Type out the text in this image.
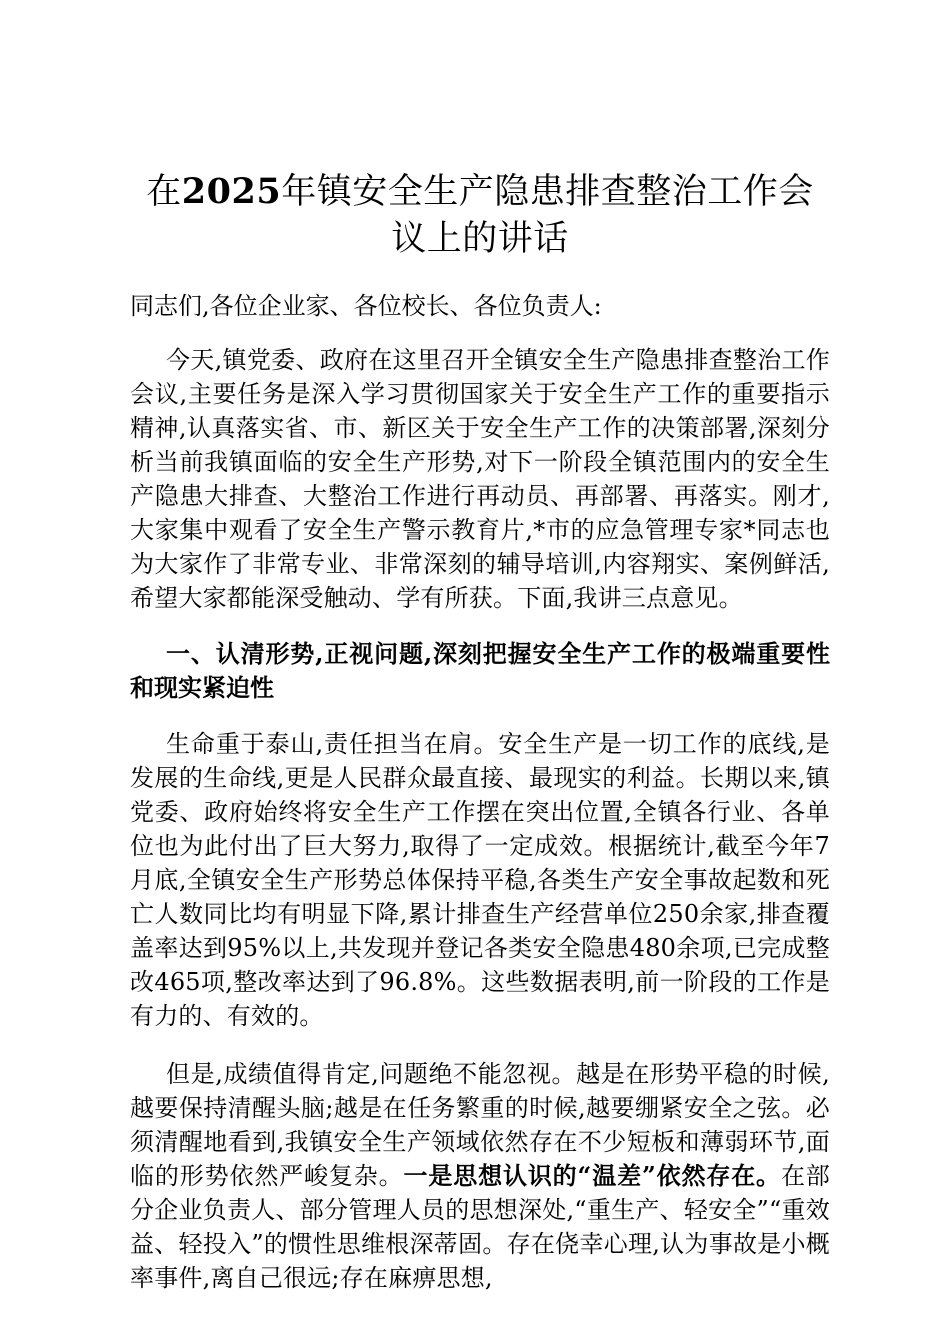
在2025年镇安全生产隐患排查整治工作会议上的讲话

同志们,各位企业家、各位校长、各位负责人:

今天,镇党委、政府在这里召开全镇安全生产隐患排查整治工作会议,主要任务是深入学习贯彻国家关于安全生产工作的重要指示精神,认真落实省、市、新区关于安全生产工作的决策部署,深刻分析当前我镇面临的安全生产形势,对下一阶段全镇范围内的安全生产隐患大排查、大整治工作进行再动员、再部署、再落实。刚才,大家集中观看了安全生产警示教育片,*市的应急管理专家*同志也为大家作了非常专业、非常深刻的辅导培训,内容翔实、案例鲜活,希望大家都能深受触动、学有所获。下面,我讲三点意见。

一、认清形势,正视问题,深刻把握安全生产工作的极端重要性和现实紧迫性

生命重于泰山,责任担当在肩。安全生产是一切工作的底线,是发展的生命线,更是人民群众最直接、最现实的利益。长期以来,镇党委、政府始终将安全生产工作摆在突出位置,全镇各行业、各单位也为此付出了巨大努力,取得了一定成效。根据统计,截至今年7月底,全镇安全生产形势总体保持平稳,各类生产安全事故起数和死亡人数同比均有明显下降,累计排查生产经营单位250余家,排查覆盖率达到95%以上,共发现并登记各类安全隐患480余项,已完成整改465项,整改率达到了96.8%。这些数据表明,前一阶段的工作是有力的、有效的。

但是,成绩值得肯定,问题绝不能忽视。越是在形势平稳的时候,越要保持清醒头脑;越是在任务繁重的时候,越要绷紧安全之弦。必须清醒地看到,我镇安全生产领域依然存在不少短板和薄弱环节,面临的形势依然严峻复杂。一是思想认识的“温差”依然存在。在部分企业负责人、部分管理人员的思想深处,“重生产、轻安全”“重效益、轻投入”的惯性思维根深蒂固。存在侥幸心理,认为事故是小概率事件,离自己很远;存在麻痹思想,
